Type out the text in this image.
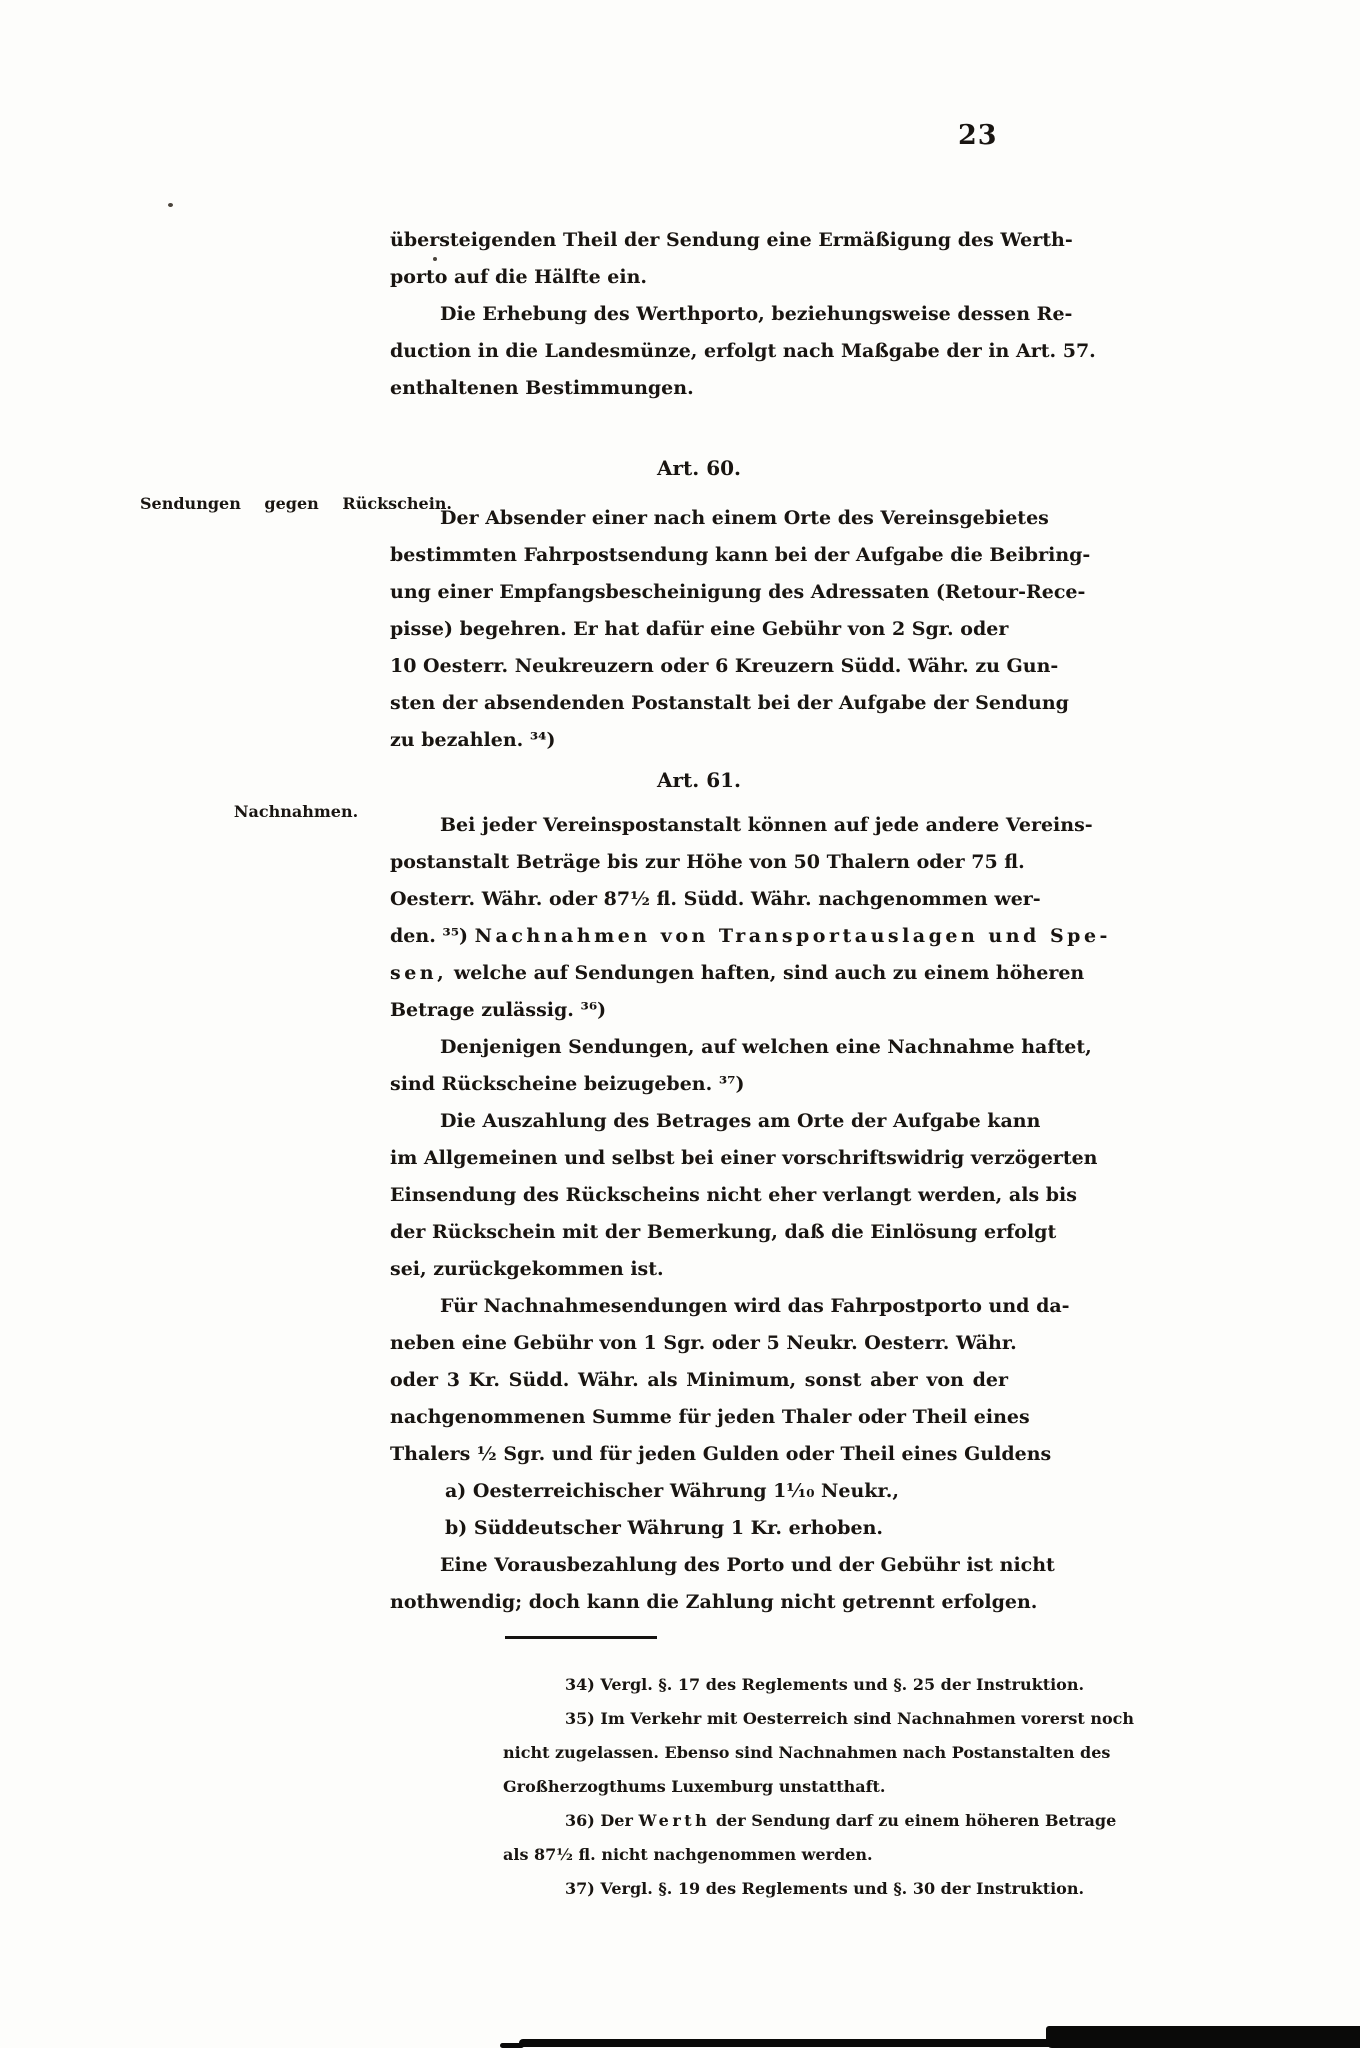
23
Sendungen gegen Rückschein.
Nachnahmen.
übersteigenden Theil der Sendung eine Ermäßigung des Werth-
porto auf die Hälfte ein.
Die Erhebung des Werthporto, beziehungsweise dessen Re-
duction in die Landesmünze, erfolgt nach Maßgabe der in Art. 57.
enthaltenen Bestimmungen.
Art. 60.
Der Absender einer nach einem Orte des Vereinsgebietes
bestimmten Fahrpostsendung kann bei der Aufgabe die Beibring-
ung einer Empfangsbescheinigung des Adressaten (Retour-Rece-
pisse) begehren. Er hat dafür eine Gebühr von 2 Sgr. oder
10 Oesterr. Neukreuzern oder 6 Kreuzern Südd. Währ. zu Gun-
sten der absendenden Postanstalt bei der Aufgabe der Sendung
zu bezahlen. ³⁴)
Art. 61.
Bei jeder Vereinspostanstalt können auf jede andere Vereins-
postanstalt Beträge bis zur Höhe von 50 Thalern oder 75 fl.
Oesterr. Währ. oder 87½ fl. Südd. Währ. nachgenommen wer-
den. ³⁵) Nachnahmen von Transportauslagen und Spe-
sen, welche auf Sendungen haften, sind auch zu einem höheren
Betrage zulässig. ³⁶)
Denjenigen Sendungen, auf welchen eine Nachnahme haftet,
sind Rückscheine beizugeben. ³⁷)
Die Auszahlung des Betrages am Orte der Aufgabe kann
im Allgemeinen und selbst bei einer vorschriftswidrig verzögerten
Einsendung des Rückscheins nicht eher verlangt werden, als bis
der Rückschein mit der Bemerkung, daß die Einlösung erfolgt
sei, zurückgekommen ist.
Für Nachnahmesendungen wird das Fahrpostporto und da-
neben eine Gebühr von 1 Sgr. oder 5 Neukr. Oesterr. Währ.
oder 3 Kr. Südd. Währ. als Minimum, sonst aber von der
nachgenommenen Summe für jeden Thaler oder Theil eines
Thalers ½ Sgr. und für jeden Gulden oder Theil eines Guldens
a) Oesterreichischer Währung 1⅒ Neukr.,
b) Süddeutscher Währung 1 Kr. erhoben.
Eine Vorausbezahlung des Porto und der Gebühr ist nicht
nothwendig; doch kann die Zahlung nicht getrennt erfolgen.
34) Vergl. §. 17 des Reglements und §. 25 der Instruktion.
35) Im Verkehr mit Oesterreich sind Nachnahmen vorerst noch
nicht zugelassen. Ebenso sind Nachnahmen nach Postanstalten des
Großherzogthums Luxemburg unstatthaft.
36) Der Werth der Sendung darf zu einem höheren Betrage
als 87½ fl. nicht nachgenommen werden.
37) Vergl. §. 19 des Reglements und §. 30 der Instruktion.
